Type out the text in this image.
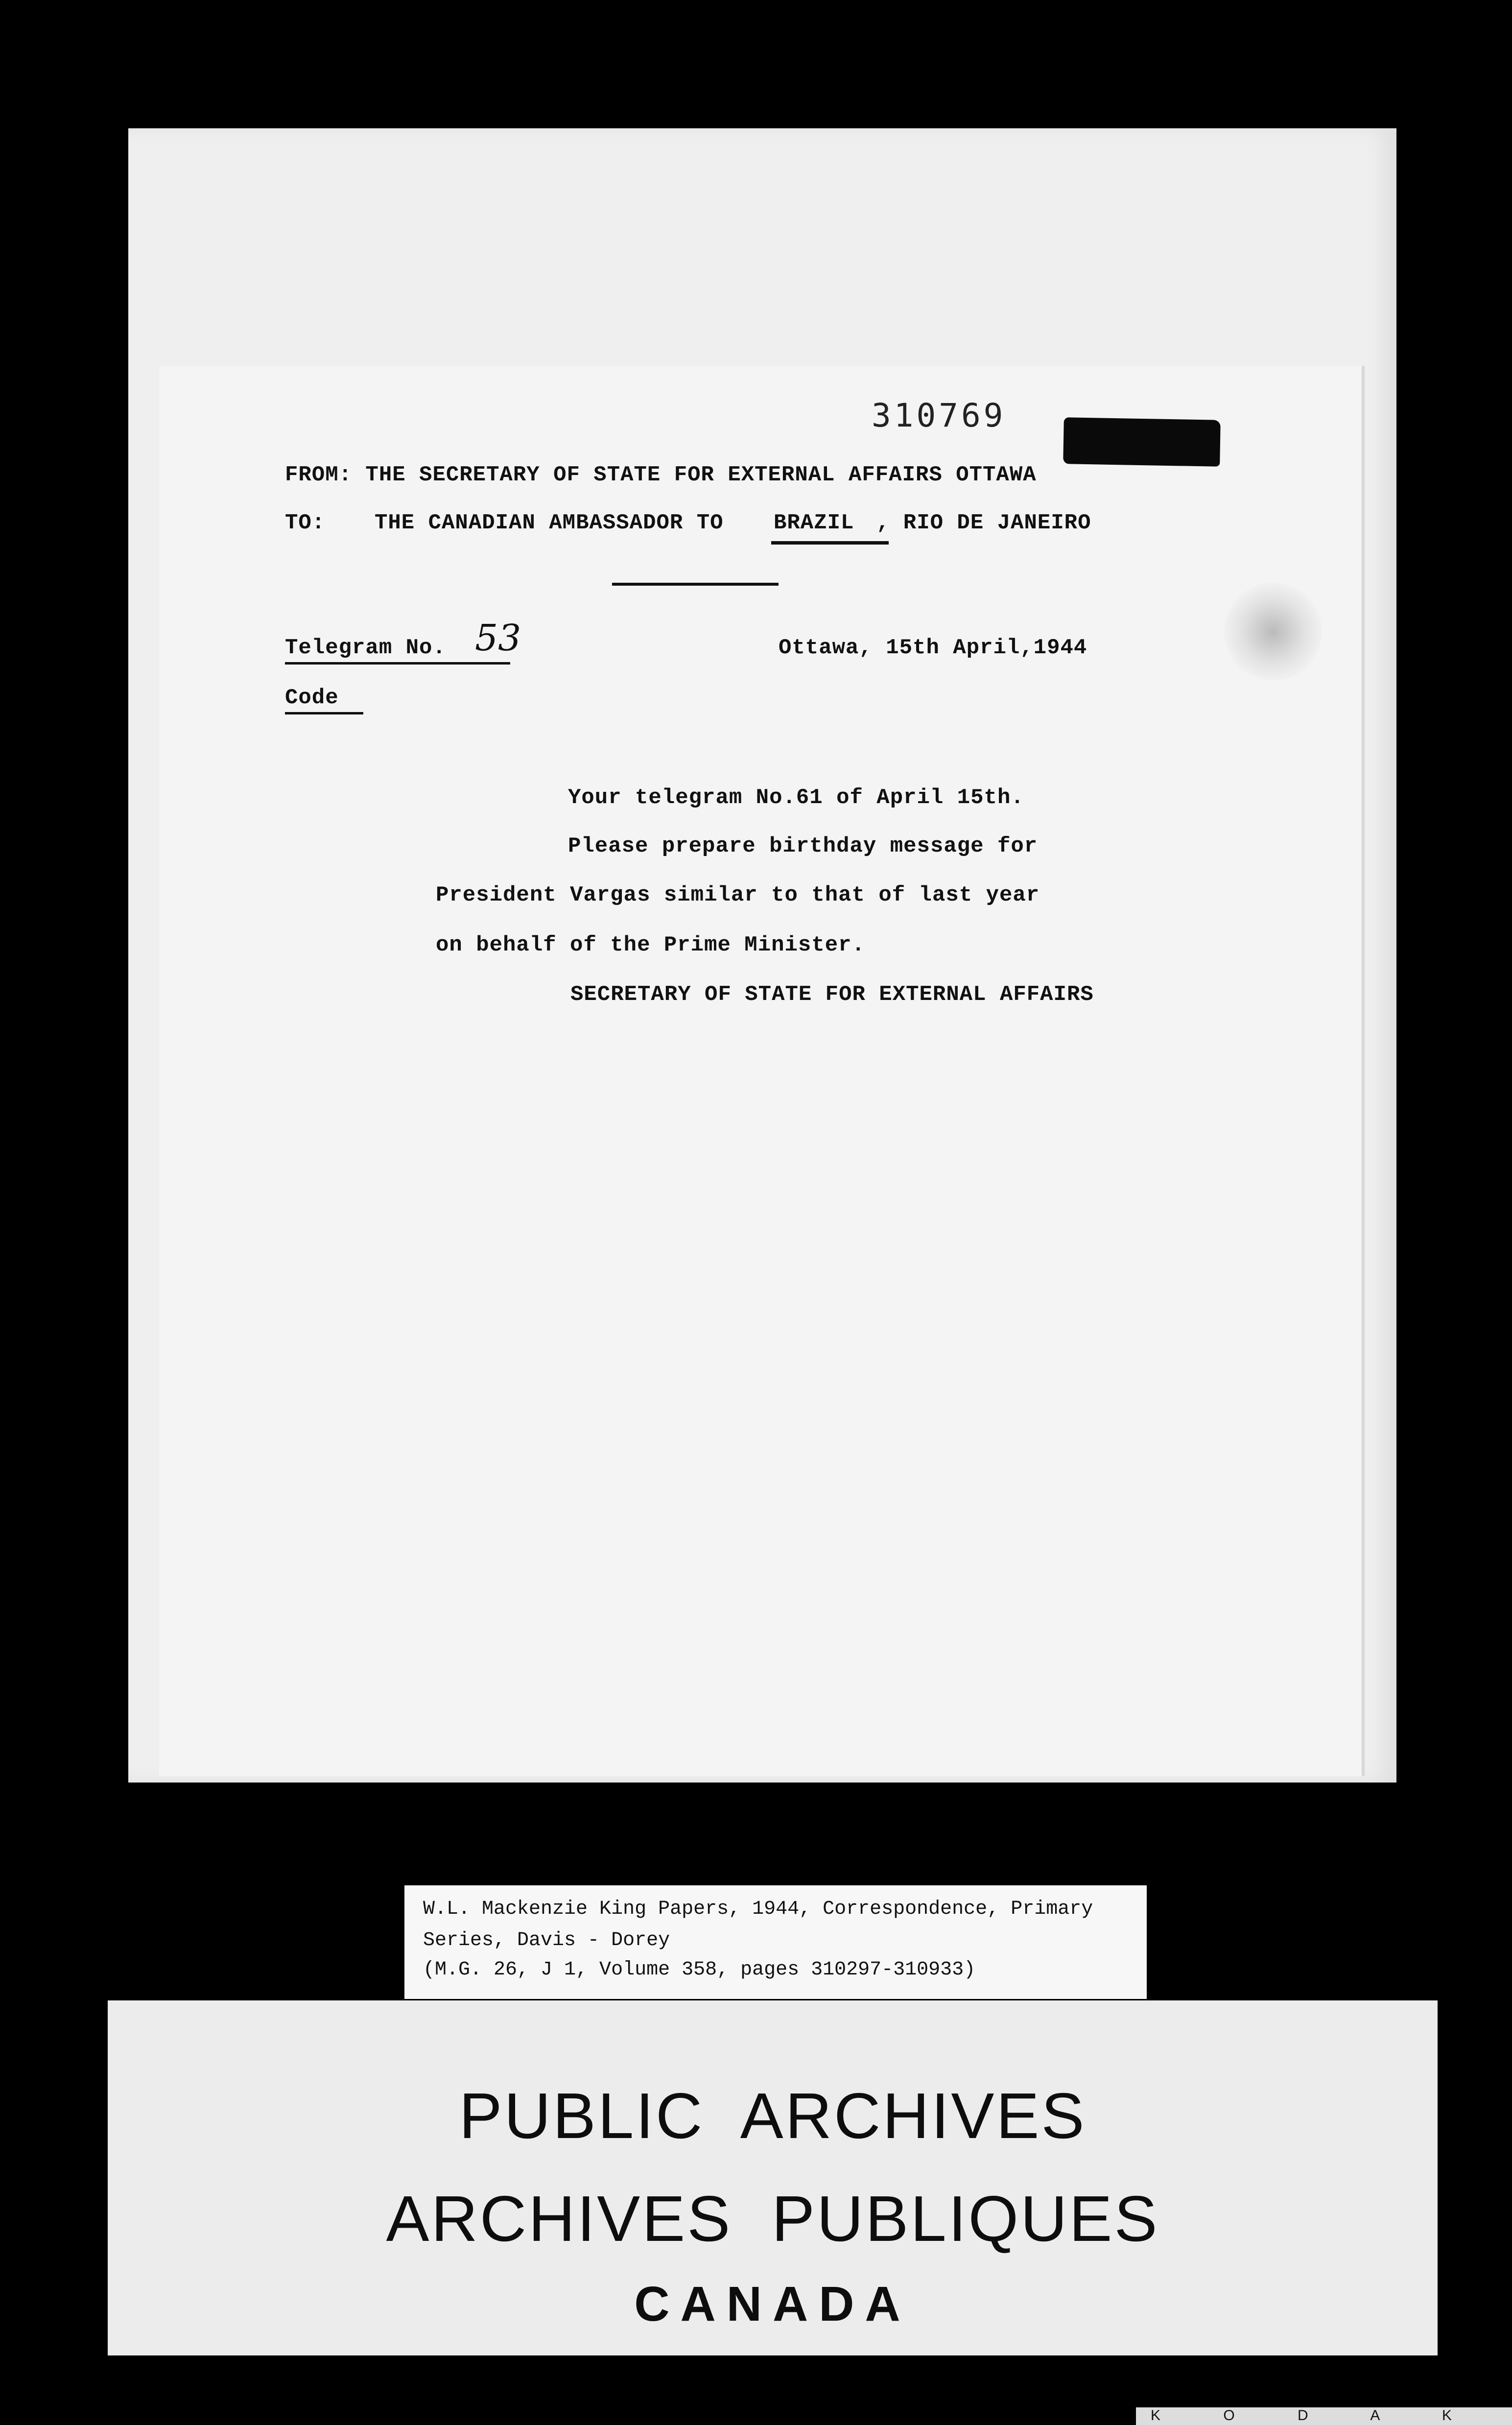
310769
FROM: THE SECRETARY OF STATE FOR EXTERNAL AFFAIRS OTTAWA
TO: THE CANADIAN AMBASSADOR TO BRAZIL , RIO DE JANEIRO
Telegram No. 53	Ottawa, 15th April,1944
Code
Your telegram No.61 of April 15th.
Please prepare birthday message for
President Vargas similar to that of last year
on behalf of the Prime Minister.
SECRETARY OF STATE FOR EXTERNAL AFFAIRS
W.L. Mackenzie King Papers, 1944, Correspondence, Primary
Series, Davis - Dorey
(M.G. 26, J 1, Volume 358, pages 310297-310933)
PUBLIC ARCHIVES
ARCHIVES PUBLIQUES
CANADA
K O D A K
